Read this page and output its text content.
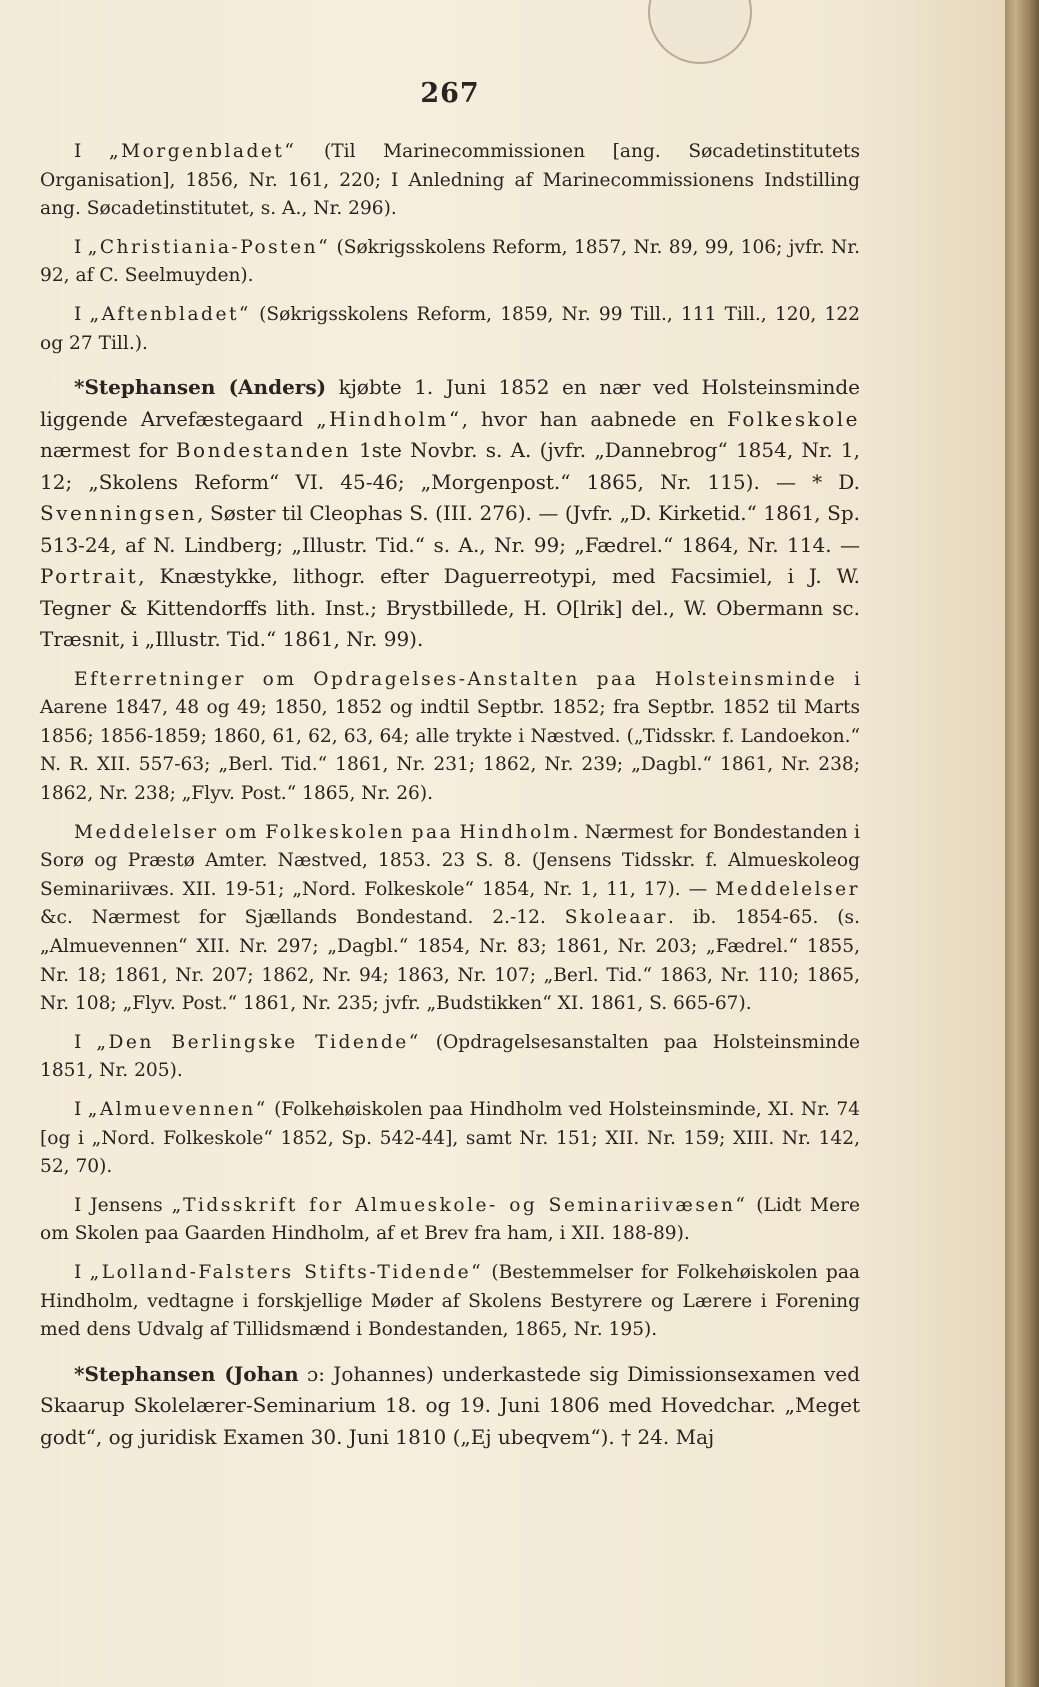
267

I „Morgenbladet“ (Til Marinecommissionen [ang. Søcadetinstitutets Organisation], 1856, Nr. 161, 220; I Anledning af Marinecommissionens Indstilling ang. Søcadetinstitutet, s. A., Nr. 296).

I „Christiania-Posten“ (Søkrigsskolens Reform, 1857, Nr. 89, 99, 106; jvfr. Nr. 92, af C. Seelmuyden).

I „Aftenbladet“ (Søkrigsskolens Reform, 1859, Nr. 99 Till., 111 Till., 120, 122 og 27 Till.).

*Stephansen (Anders) kjøbte 1. Juni 1852 en nær ved Holsteinsminde liggende Arvefæstegaard „Hindholm“, hvor han aabnede en Folkeskole nærmest for Bondestanden 1ste Novbr. s. A. (jvfr. „Dannebrog“ 1854, Nr. 1, 12; „Skolens Reform“ VI. 45-46; „Morgenpost.“ 1865, Nr. 115). — * D. Svenningsen, Søster til Cleophas S. (III. 276). — (Jvfr. „D. Kirketid.“ 1861, Sp. 513-24, af N. Lindberg; „Illustr. Tid.“ s. A., Nr. 99; „Fædrel.“ 1864, Nr. 114. — Portrait, Knæstykke, lithogr. efter Daguerreotypi, med Facsimiel, i J. W. Tegner & Kittendorffs lith. Inst.; Brystbillede, H. O[lrik] del., W. Obermann sc. Træsnit, i „Illustr. Tid.“ 1861, Nr. 99).

Efterretninger om Opdragelses-Anstalten paa Holsteinsminde i Aarene 1847, 48 og 49; 1850, 1852 og indtil Septbr. 1852; fra Septbr. 1852 til Marts 1856; 1856-1859; 1860, 61, 62, 63, 64; alle trykte i Næstved. („Tidsskr. f. Landoekon.“ N. R. XII. 557-63; „Berl. Tid.“ 1861, Nr. 231; 1862, Nr. 239; „Dagbl.“ 1861, Nr. 238; 1862, Nr. 238; „Flyv. Post.“ 1865, Nr. 26).

Meddelelser om Folkeskolen paa Hindholm. Nærmest for Bondestanden i Sorø og Præstø Amter. Næstved, 1853. 23 S. 8. (Jensens Tidsskr. f. Almueskoleog Seminariivæs. XII. 19-51; „Nord. Folkeskole“ 1854, Nr. 1, 11, 17). — Meddelelser &c. Nærmest for Sjællands Bondestand. 2.-12. Skoleaar. ib. 1854-65. (s. „Almuevennen“ XII. Nr. 297; „Dagbl.“ 1854, Nr. 83; 1861, Nr. 203; „Fædrel.“ 1855, Nr. 18; 1861, Nr. 207; 1862, Nr. 94; 1863, Nr. 107; „Berl. Tid.“ 1863, Nr. 110; 1865, Nr. 108; „Flyv. Post.“ 1861, Nr. 235; jvfr. „Budstikken“ XI. 1861, S. 665-67).

I „Den Berlingske Tidende“ (Opdragelsesanstalten paa Holsteinsminde 1851, Nr. 205).

I „Almuevennen“ (Folkehøiskolen paa Hindholm ved Holsteinsminde, XI. Nr. 74 [og i „Nord. Folkeskole“ 1852, Sp. 542-44], samt Nr. 151; XII. Nr. 159; XIII. Nr. 142, 52, 70).

I Jensens „Tidsskrift for Almueskole- og Seminariivæsen“ (Lidt Mere om Skolen paa Gaarden Hindholm, af et Brev fra ham, i XII. 188-89).

I „Lolland-Falsters Stifts-Tidende“ (Bestemmelser for Folkehøiskolen paa Hindholm, vedtagne i forskjellige Møder af Skolens Bestyrere og Lærere i Forening med dens Udvalg af Tillidsmænd i Bondestanden, 1865, Nr. 195).

*Stephansen (Johan ɔ: Johannes) underkastede sig Dimissionsexamen ved Skaarup Skolelærer-Seminarium 18. og 19. Juni 1806 med Hovedchar. „Meget godt“, og juridisk Examen 30. Juni 1810 („Ej ubeqvem“). † 24. Maj
